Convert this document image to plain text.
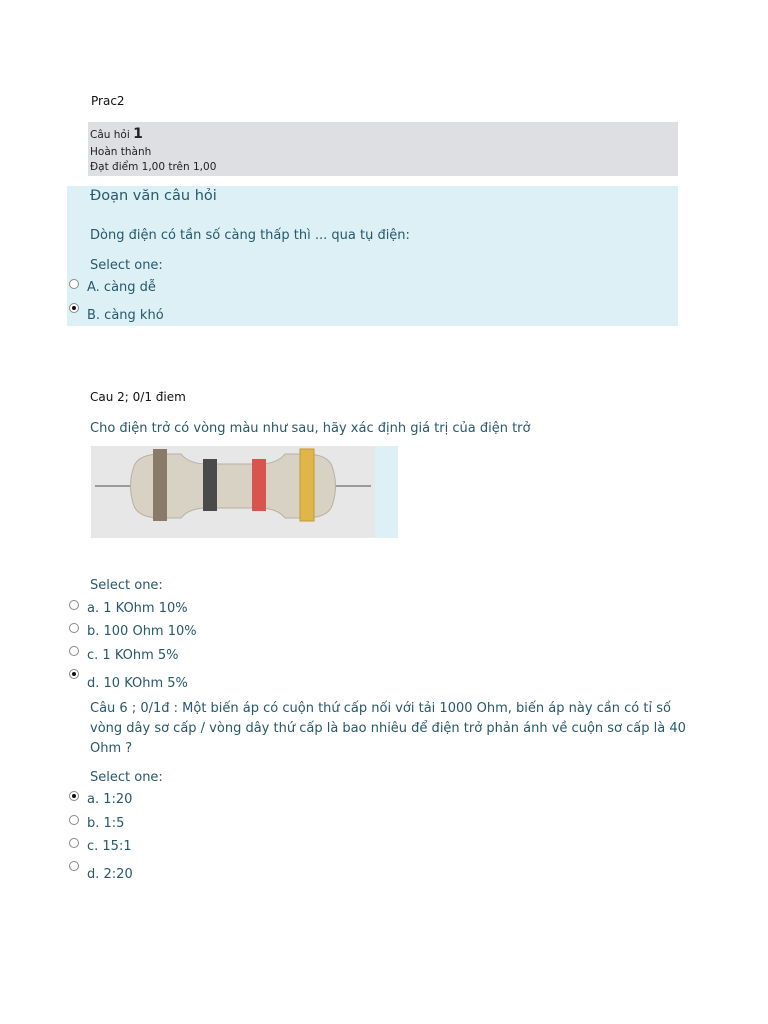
Prac2
Câu hỏi 1
Hoàn thành
Đạt điểm 1,00 trên 1,00
Đoạn văn câu hỏi
Dòng điện có tần số càng thấp thì ... qua tụ điện:
Select one:
A. càng dễ
B. càng khó
Cau 2; 0/1 điem
Cho điện trở có vòng màu như sau, hãy xác định giá trị của điện trở
Select one:
a. 1 KOhm 10%
b. 100 Ohm 10%
c. 1 KOhm 5%
d. 10 KOhm 5%
Câu 6 ; 0/1đ : Một biến áp có cuộn thứ cấp nối với tải 1000 Ohm, biến áp này cần có tỉ số
vòng dây sơ cấp / vòng dây thứ cấp là bao nhiêu để điện trở phản ánh về cuộn sơ cấp là 40
Ohm ?
Select one:
a. 1:20
b. 1:5
c. 15:1
d. 2:20
